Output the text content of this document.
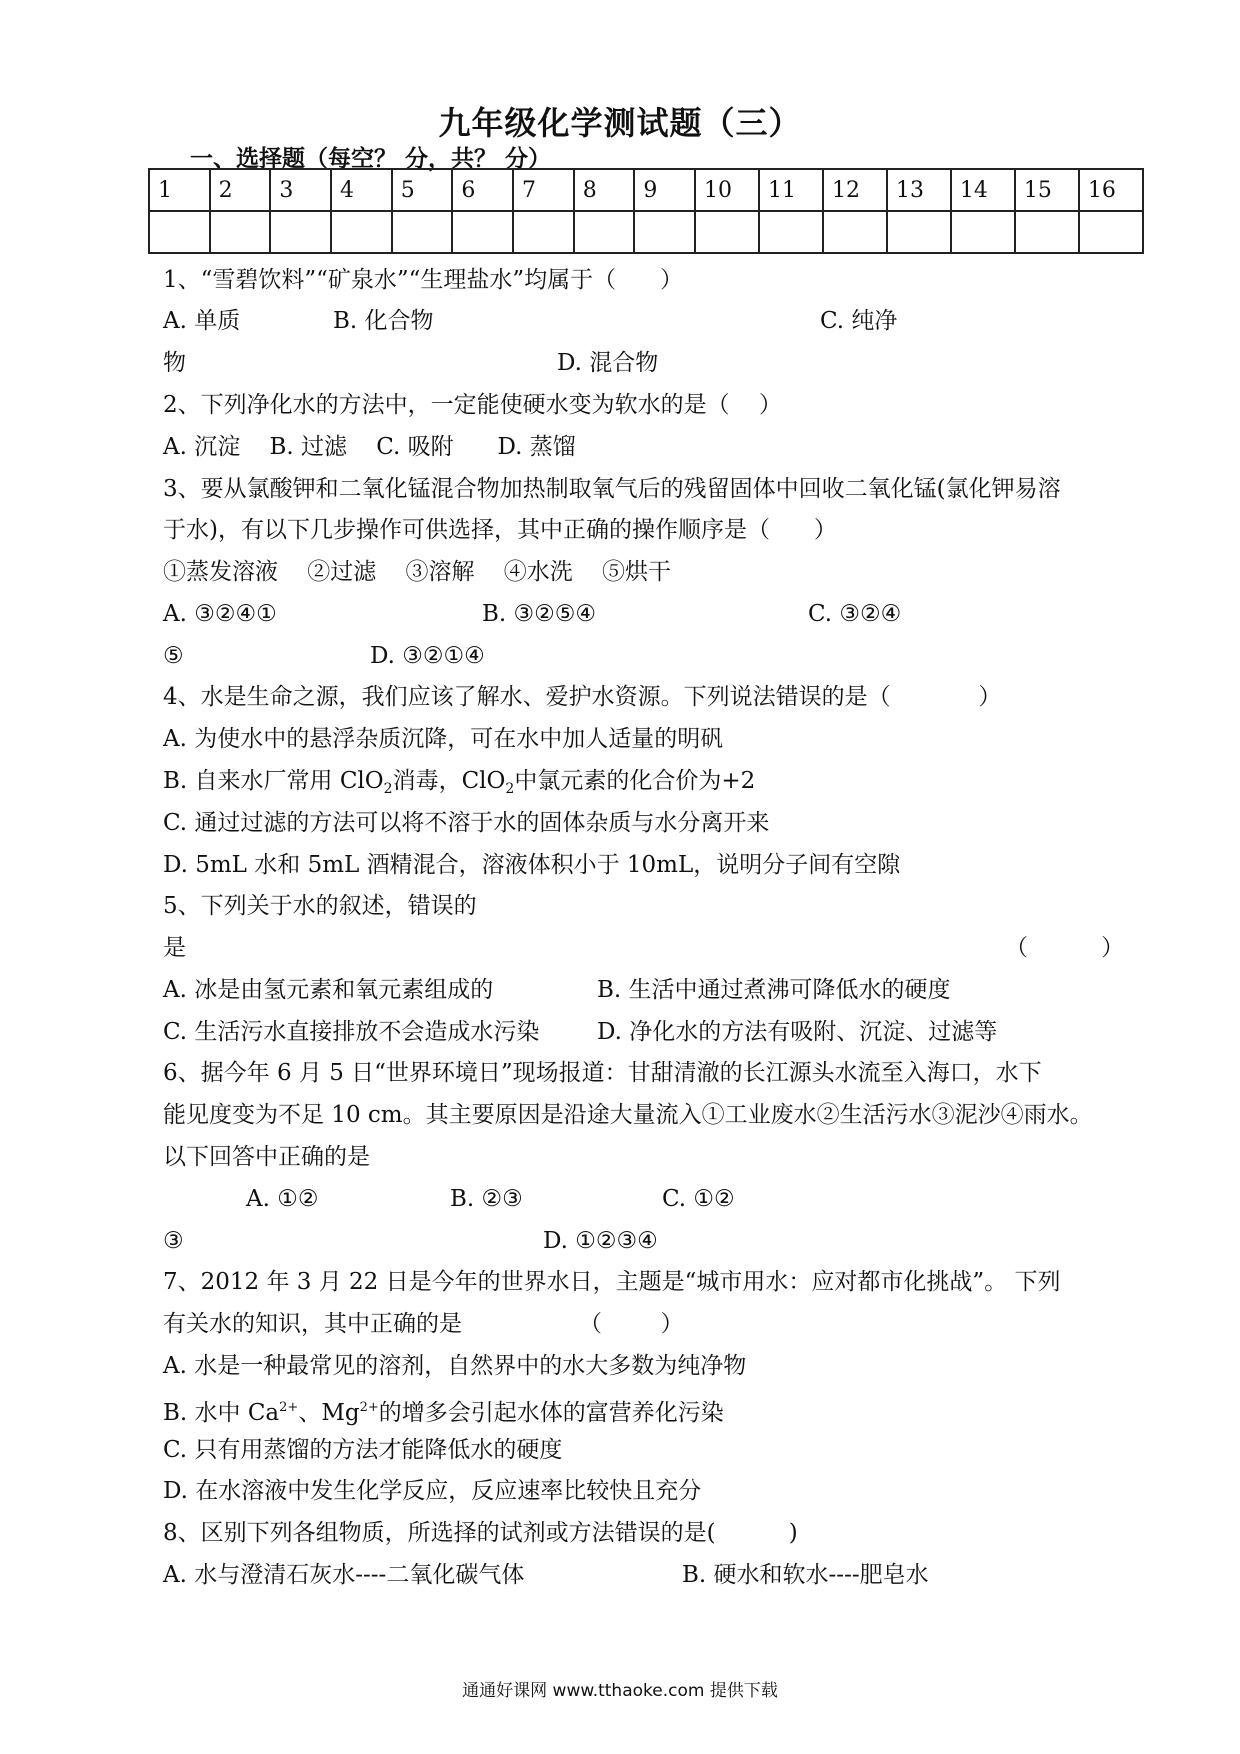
九年级化学测试题（三）
一、选择题（每空？ 分，共？ 分）
1	2	3	4	5	6	7	8	9	10	11	12	13	14	15	16

1、“雪碧饮料”“矿泉水”“生理盐水”均属于（      ）
A. 单质	B. 化合物	C. 纯净
物	D. 混合物
2、下列净化水的方法中，一定能使硬水变为软水的是（    ）
A. 沉淀    B. 过滤    C. 吸附      D. 蒸馏
3、要从氯酸钾和二氧化锰混合物加热制取氧气后的残留固体中回收二氧化锰(氯化钾易溶
于水)，有以下几步操作可供选择，其中正确的操作顺序是（      ）
①蒸发溶液    ②过滤    ③溶解    ④水洗    ⑤烘干
A. ③②④①	B. ③②⑤④	C. ③②④
⑤	D. ③②①④
4、水是生命之源，我们应该了解水、爱护水资源。下列说法错误的是（            ）
A. 为使水中的悬浮杂质沉降，可在水中加人适量的明矾
B. 自来水厂常用 ClO$_2$消毒，ClO$_2$中氯元素的化合价为+2
C. 通过过滤的方法可以将不溶于水的固体杂质与水分离开来
D. 5mL 水和 5mL 酒精混合，溶液体积小于 10mL，说明分子间有空隙
5、下列关于水的叙述，错误的
是	（          ）
A. 冰是由氢元素和氧元素组成的	B. 生活中通过煮沸可降低水的硬度
C. 生活污水直接排放不会造成水污染	D. 净化水的方法有吸附、沉淀、过滤等
6、据今年 6 月 5 日“世界环境日”现场报道：甘甜清澈的长江源头水流至入海口，水下
能见度变为不足 10 cm。其主要原因是沿途大量流入①工业废水②生活污水③泥沙④雨水。
以下回答中正确的是
A. ①②	B. ②③	C. ①②
③	D. ①②③④
7、2012 年 3 月 22 日是今年的世界水日，主题是“城市用水：应对都市化挑战”。 下列
有关水的知识，其中正确的是                （        ）
A. 水是一种最常见的溶剂，自然界中的水大多数为纯净物
B. 水中 $Ca^{2+}$、$Mg^{2+}$的增多会引起水体的富营养化污染
C. 只有用蒸馏的方法才能降低水的硬度
D. 在水溶液中发生化学反应，反应速率比较快且充分
8、区别下列各组物质，所选择的试剂或方法错误的是(          )
A. 水与澄清石灰水----二氧化碳气体	B. 硬水和软水----肥皂水
通通好课网 www.tthaoke.com 提供下载
